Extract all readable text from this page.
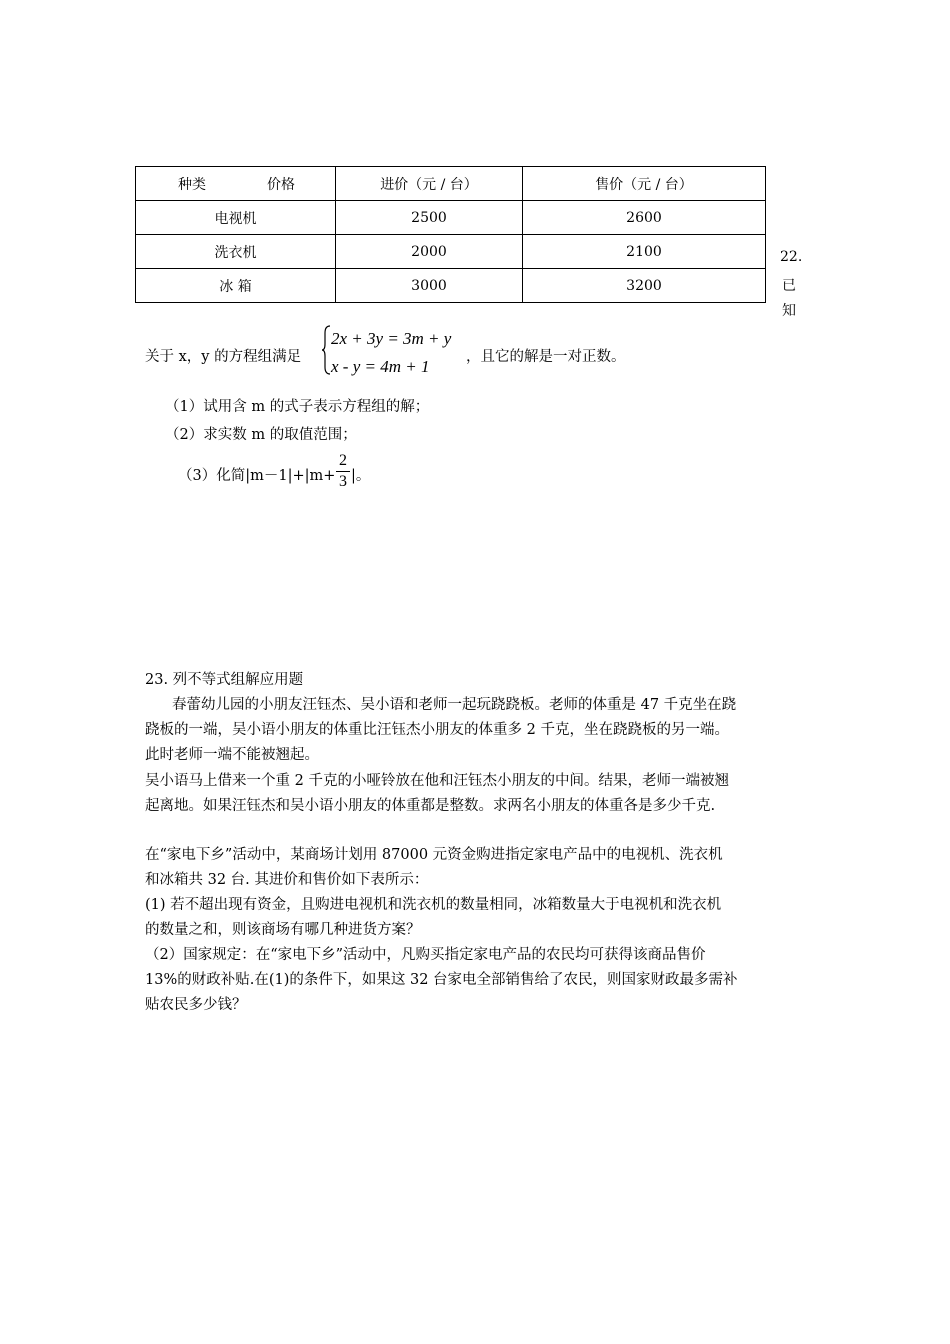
种类 价格	进价（元 / 台）	售价（元 / 台）
电视机	2500	2600
洗衣机	2000	2100
冰 箱	3000	3200
22.
已
知
关于 x，y 的方程组满足
2x + 3y = 3m + y
x - y = 4m + 1	，且它的解是一对正数。
（1）试用含 m 的式子表示方程组的解；
（2）求实数 m 的取值范围；
（3）化简|m－1|+|m+
2
3 |。
23. 列不等式组解应用题
春蕾幼儿园的小朋友汪钰杰、吴小语和老师一起玩跷跷板。老师的体重是 47 千克坐在跷
跷板的一端，吴小语小朋友的体重比汪钰杰小朋友的体重多 2 千克，坐在跷跷板的另一端。
此时老师一端不能被翘起。
吴小语马上借来一个重 2 千克的小哑铃放在他和汪钰杰小朋友的中间。结果，老师一端被翘
起离地。如果汪钰杰和吴小语小朋友的体重都是整数。求两名小朋友的体重各是多少千克.
在“家电下乡”活动中，某商场计划用 87000 元资金购进指定家电产品中的电视机、洗衣机
和冰箱共 32 台. 其进价和售价如下表所示：
(1) 若不超出现有资金，且购进电视机和洗衣机的数量相同，冰箱数量大于电视机和洗衣机
的数量之和，则该商场有哪几种进货方案？
（2）国家规定：在“家电下乡”活动中，凡购买指定家电产品的农民均可获得该商品售价
13%的财政补贴.在(1)的条件下，如果这 32 台家电全部销售给了农民，则国家财政最多需补
贴农民多少钱？
